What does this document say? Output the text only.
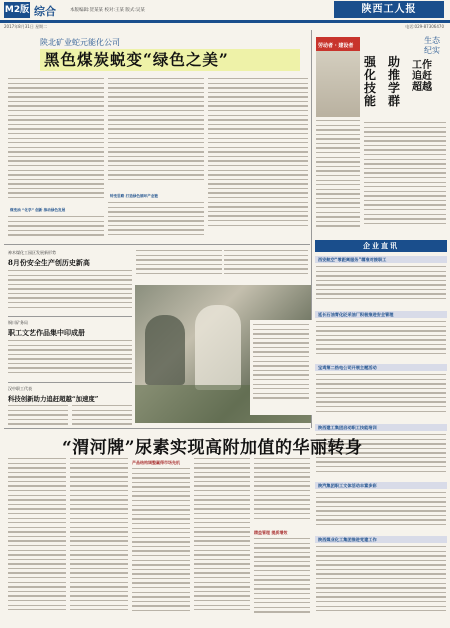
M2版 综合	本版编辑:贺某某 校对:王某 版式:吴某	陕西工人报
2017年8月31日 星期二	电话:029-87306470
陕北矿业蛇元能化公司
黑色煤炭蜕变“绿色之美”
煤变油 “化学” 创新 推动绿色发展
转变思路 打造绿色循环产业链
劳动者 · 建设者
强化技能
助推学群
工作追赶超越
生态纪实
企业直讯
西安航空“零距离服务”精准对接职工
延长石油青化砭采油厂积极推进安全管理
宝鸡第二热电公司开展主题活动
陕西建工集团启动职工技能培训
陕汽集团职工文体活动丰富多彩
陕西煤业化工集团推进党建工作
神木煤化工园区发展新形势
8月份安全生产创历史新高
铜川矿务局
职工文艺作品集中印成册
汉中职工代表
科技创新助力追赶超越“加速度”
“渭河牌”尿素实现高附加值的华丽转身
产品结构调整赢得市场先机
精益管理 提质增效
